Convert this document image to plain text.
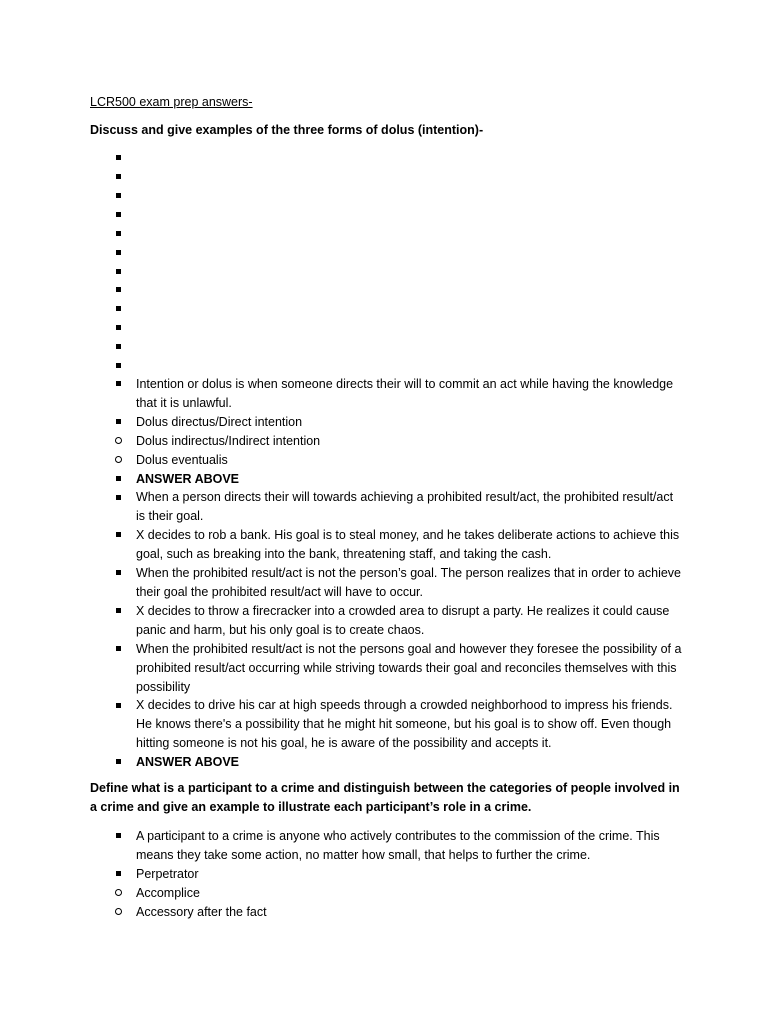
LCR500 exam prep answers-

Discuss and give examples of the three forms of dolus (intention)-

Intention or dolus is when someone directs their will to commit an act while having the knowledge that it is unlawful.
Dolus directus/Direct intention
Dolus indirectus/Indirect intention
Dolus eventualis
ANSWER ABOVE
When a person directs their will towards achieving a prohibited result/act, the prohibited result/act is their goal.
X decides to rob a bank. His goal is to steal money, and he takes deliberate actions to achieve this goal, such as breaking into the bank, threatening staff, and taking the cash.
When the prohibited result/act is not the person’s goal. The person realizes that in order to achieve their goal the prohibited result/act will have to occur.
X decides to throw a firecracker into a crowded area to disrupt a party. He realizes it could cause panic and harm, but his only goal is to create chaos.
When the prohibited result/act is not the persons goal and however they foresee the possibility of a prohibited result/act occurring while striving towards their goal and reconciles themselves with this possibility
X decides to drive his car at high speeds through a crowded neighborhood to impress his friends. He knows there's a possibility that he might hit someone, but his goal is to show off. Even though hitting someone is not his goal, he is aware of the possibility and accepts it.
ANSWER ABOVE

Define what is a participant to a crime and distinguish between the categories of people involved in a crime and give an example to illustrate each participant’s role in a crime.

A participant to a crime is anyone who actively contributes to the commission of the crime. This means they take some action, no matter how small, that helps to further the crime.
Perpetrator
Accomplice
Accessory after the fact
